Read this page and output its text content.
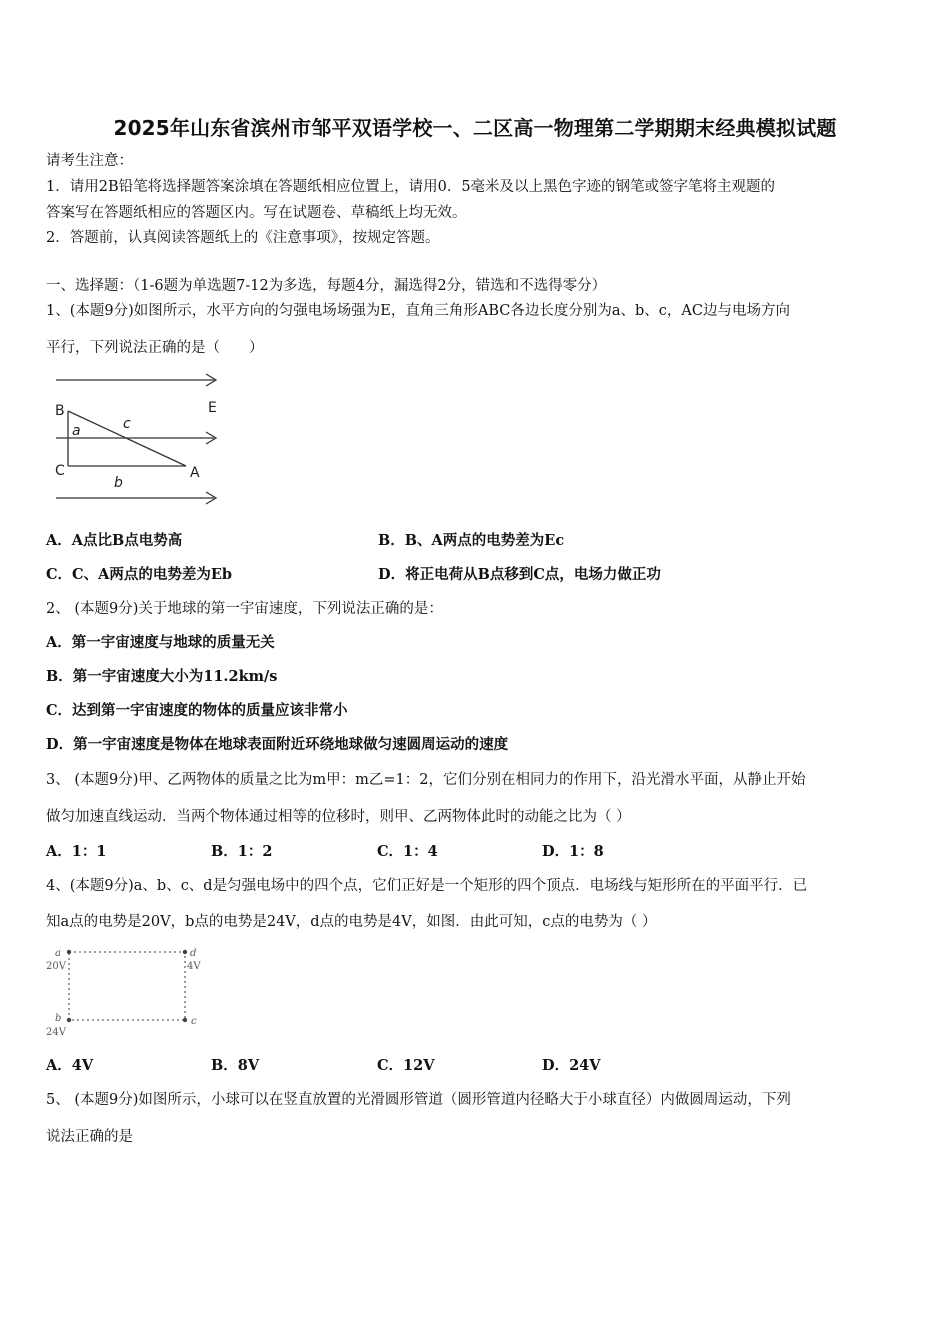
2025年山东省滨州市邹平双语学校一、二区高一物理第二学期期末经典模拟试题
请考生注意：
1．请用2B铅笔将选择题答案涂填在答题纸相应位置上，请用0．5毫米及以上黑色字迹的钢笔或签字笔将主观题的
答案写在答题纸相应的答题区内。写在试题卷、草稿纸上均无效。
2．答题前，认真阅读答题纸上的《注意事项》，按规定答题。
一、选择题：（1-6题为单选题7-12为多选，每题4分，漏选得2分，错选和不选得零分）
1、(本题9分)如图所示，水平方向的匀强电场场强为E，直角三角形ABC各边长度分别为a、b、c，AC边与电场方向
平行，下列说法正确的是（　　）
B	E
a	c
C	A
b
A．A点比B点电势高	B．B、A两点的电势差为Ec
C．C、A两点的电势差为Eb	D．将正电荷从B点移到C点，电场力做正功
2、 (本题9分)关于地球的第一宇宙速度，下列说法正确的是：
A．第一宇宙速度与地球的质量无关
B．第一宇宙速度大小为11.2km/s
C．达到第一宇宙速度的物体的质量应该非常小
D．第一宇宙速度是物体在地球表面附近环绕地球做匀速圆周运动的速度
3、 (本题9分)甲、乙两物体的质量之比为m甲：m乙=1：2，它们分别在相同力的作用下，沿光滑水平面，从静止开始
做匀加速直线运动．当两个物体通过相等的位移时，则甲、乙两物体此时的动能之比为（ ）
A．1：1	B．1：2	C．1：4	D．1：8
4、(本题9分)a、b、c、d是匀强电场中的四个点，它们正好是一个矩形的四个顶点．电场线与矩形所在的平面平行．已
知a点的电势是20V，b点的电势是24V，d点的电势是4V，如图．由此可知，c点的电势为（ ）
a
20V
d
4V
b
24V
c
A．4V	B．8V	C．12V	D．24V
5、 (本题9分)如图所示，小球可以在竖直放置的光滑圆形管道（圆形管道内径略大于小球直径）内做圆周运动，下列
说法正确的是
